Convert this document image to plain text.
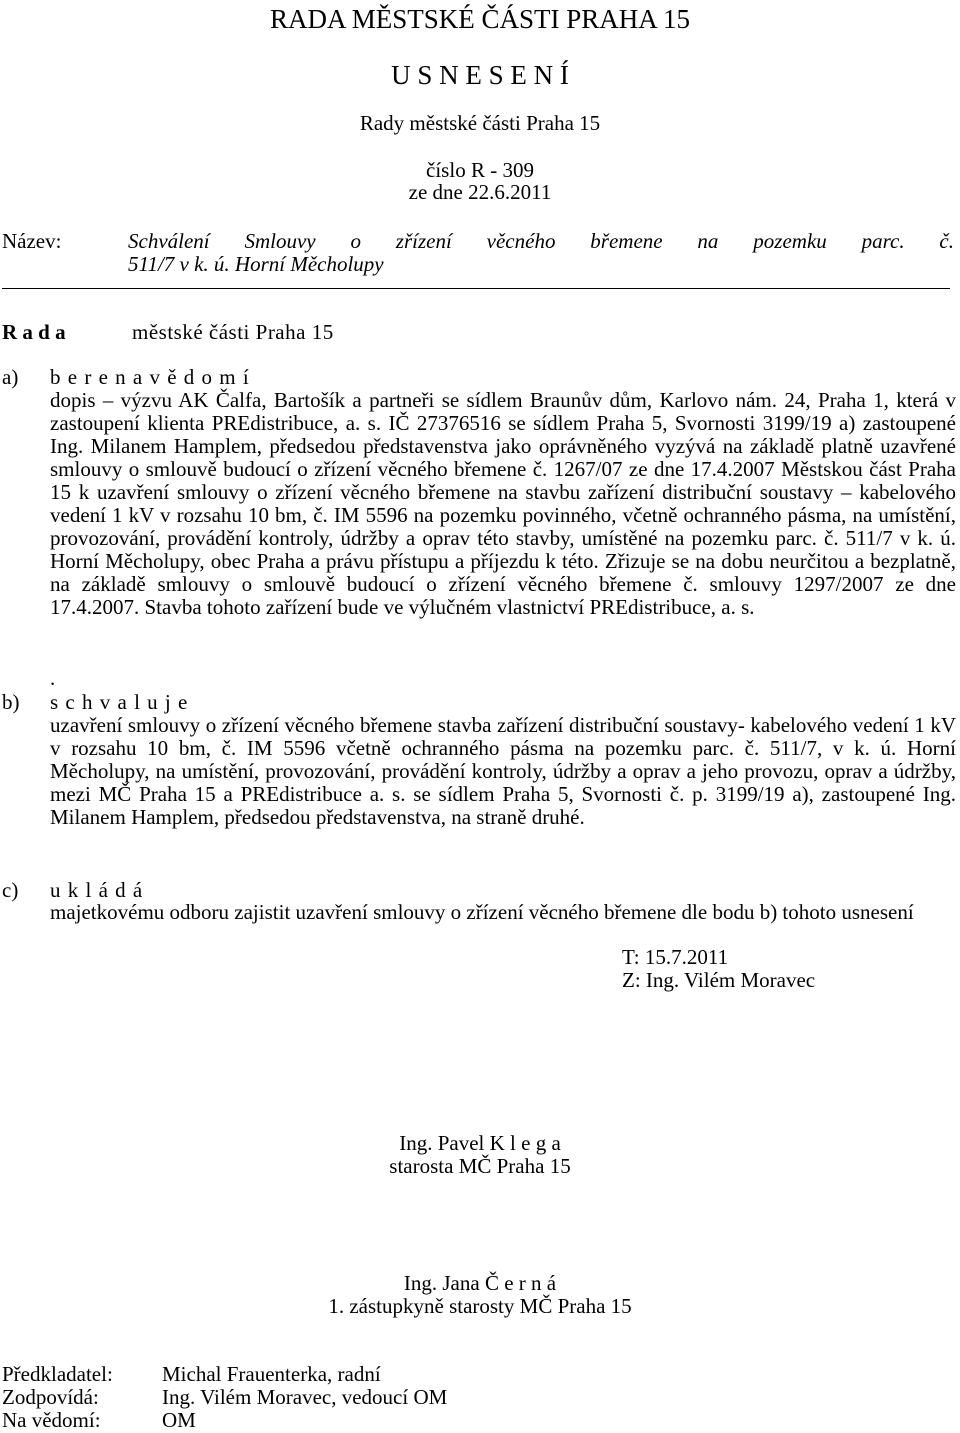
RADA MĚSTSKÉ ČÁSTI PRAHA 15
U S N E S E N Í
Rady městské části Praha 15
číslo R - 309
ze dne 22.6.2011
Název:	Schválení Smlouvy o zřízení věcného břemene na pozemku parc. č.
511/7 v k. ú. Horní Měcholupy
R a d a	městské části Praha 15
a) b e r e n a v ě d o m í
dopis – výzvu AK Čalfa, Bartošík a partneři se sídlem Braunův dům, Karlovo nám. 24, Praha 1, která v zastoupení klienta PREdistribuce, a. s. IČ 27376516 se sídlem Praha 5, Svornosti 3199/19 a) zastoupené Ing. Milanem Hamplem, předsedou představenstva jako oprávněného vyzývá na základě platně uzavřené smlouvy o smlouvě budoucí o zřízení věcného břemene č. 1267/07 ze dne 17.4.2007 Městskou část Praha 15 k uzavření smlouvy o zřízení věcného břemene na stavbu zařízení distribuční soustavy – kabelového vedení 1 kV v rozsahu 10 bm, č. IM 5596 na pozemku povinného, včetně ochranného pásma, na umístění, provozování, provádění kontroly, údržby a oprav této stavby, umístěné na pozemku parc. č. 511/7 v k. ú. Horní Měcholupy, obec Praha a právu přístupu a příjezdu k této. Zřizuje se na dobu neurčitou a bezplatně, na základě smlouvy o smlouvě budoucí o zřízení věcného břemene č. smlouvy 1297/2007 ze dne 17.4.2007. Stavba tohoto zařízení bude ve výlučném vlastnictví PREdistribuce, a. s.
.
b) s c h v a l u j e
uzavření smlouvy o zřízení věcného břemene stavba zařízení distribuční soustavy- kabelového vedení 1 kV v rozsahu 10 bm, č. IM 5596 včetně ochranného pásma na pozemku parc. č. 511/7, v k. ú. Horní Měcholupy, na umístění, provozování, provádění kontroly, údržby a oprav a jeho provozu, oprav a údržby, mezi MČ Praha 15 a PREdistribuce a. s. se sídlem Praha 5, Svornosti č. p. 3199/19 a), zastoupené Ing. Milanem Hamplem, předsedou představenstva, na straně druhé.
c) u k l á d á
majetkovému odboru zajistit uzavření smlouvy o zřízení věcného břemene dle bodu b) tohoto usnesení
T: 15.7.2011
Z: Ing. Vilém Moravec
Ing. Pavel K l e g a
starosta MČ Praha 15
Ing. Jana Č e r n á
1. zástupkyně starosty MČ Praha 15
Předkladatel:	Michal Frauenterka, radní
Zodpovídá:	Ing. Vilém Moravec, vedoucí OM
Na vědomí:	OM
